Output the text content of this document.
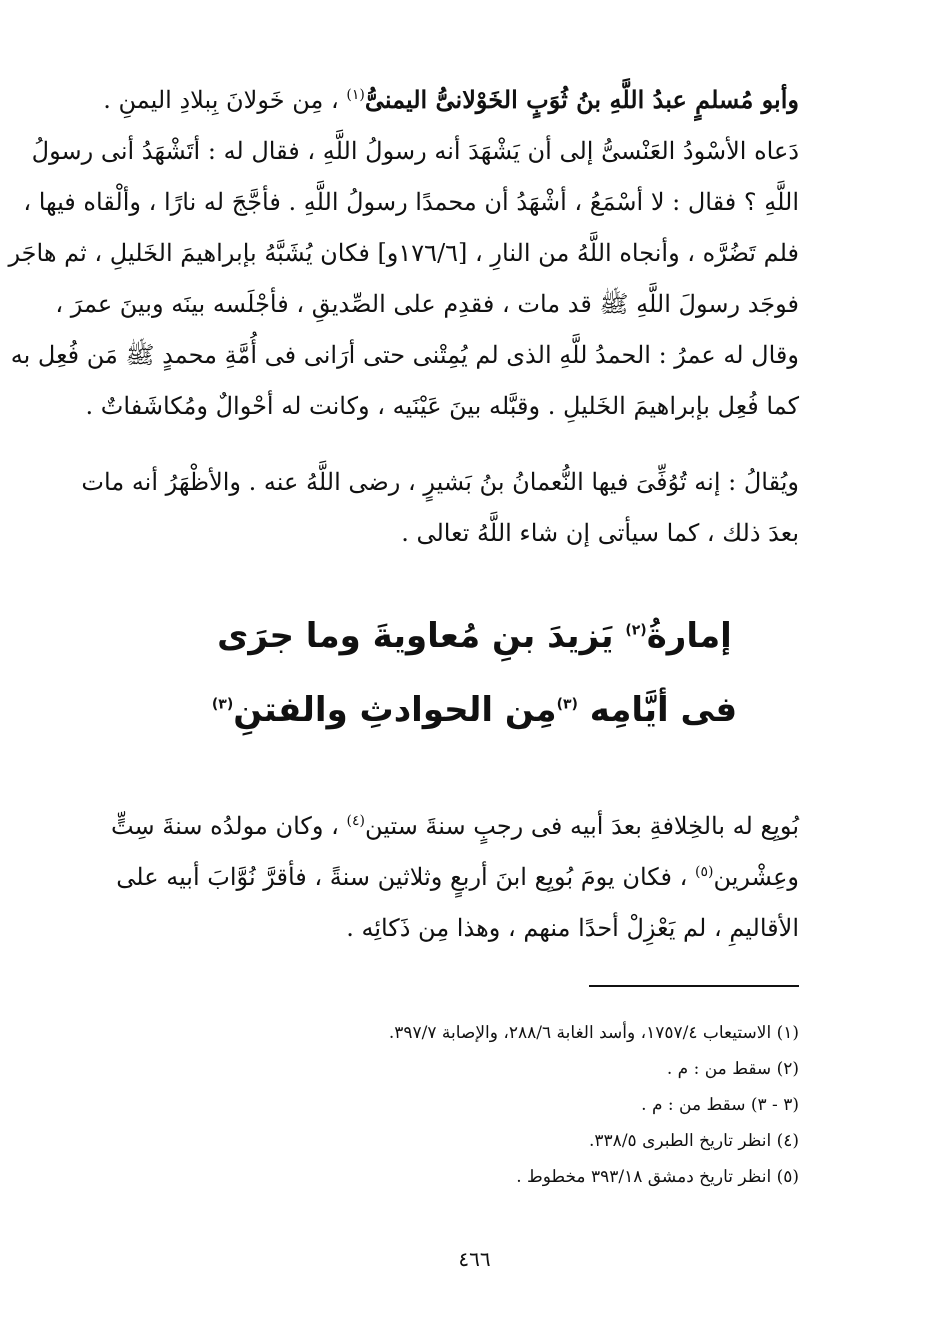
وأبو مُسلمٍ عبدُ اللَّهِ بنُ ثُوَبٍ الخَوْلانىُّ اليمنىُّ$^{(١)}$ ، مِن خَولانَ بِبلادِ اليمنِ .
دَعاه الأسْودُ العَنْسىُّ إلى أن يَشْهَدَ أنه رسولُ اللَّهِ ، فقال له : أتَشْهَدُ أنى رسولُ
اللَّهِ ؟ فقال : لا أسْمَعُ ، أشْهَدُ أن محمدًا رسولُ اللَّهِ . فأجَّجَ له نارًا ، وألْقاه فيها ،
فلم تَضُرَّه ، وأنجاه اللَّهُ من النارِ ، [١٧٦/٦و] فكان يُشَبَّهُ بإبراهيمَ الخَليلِ ، ثم هاجَر
فوجَد رسولَ اللَّهِ ﷺ قد مات ، فقدِم على الصِّديقِ ، فأجْلَسه بينَه وبينَ عمرَ ،
وقال له عمرُ : الحمدُ للَّهِ الذى لم يُمِتْنى حتى أرَانى فى أُمَّةِ محمدٍ ﷺ مَن فُعِل به
كما فُعِل بإبراهيمَ الخَليلِ . وقبَّله بينَ عَيْنَيه ، وكانت له أحْوالٌ ومُكاشَفاتٌ .
ويُقالُ : إنه تُوُفِّىَ فيها النُّعمانُ بنُ بَشيرٍ ، رضى اللَّهُ عنه . والأظْهَرُ أنه مات
بعدَ ذلك ، كما سيأتى إن شاء اللَّهُ تعالى .
إمارةُ$^{(٢)}$ يَزيدَ بنِ مُعاويةَ وما جرَى
فى أيَّامِه $^{(٣)}$مِن الحوادثِ والفتنِ$^{(٣)}$
بُويِع له بالخِلافةِ بعدَ أبيه فى رجبٍ سنةَ ستين$^{(٤)}$ ، وكان مولدُه سنةَ سِتٍّ
وعِشْرين$^{(٥)}$ ، فكان يومَ بُويِع ابنَ أربعٍ وثلاثين سنةً ، فأقرَّ نُوَّابَ أبيه على
الأقاليمِ ، لم يَعْزِلْ أحدًا منهم ، وهذا مِن ذَكائِه .
(١) الاستيعاب ١٧٥٧/٤، وأسد الغابة ٢٨٨/٦، والإصابة ٣٩٧/٧.
(٢) سقط من : م .
(٣ - ٣) سقط من : م .
(٤) انظر تاريخ الطبرى ٣٣٨/٥.
(٥) انظر تاريخ دمشق ٣٩٣/١٨ مخطوط .
٤٦٦
